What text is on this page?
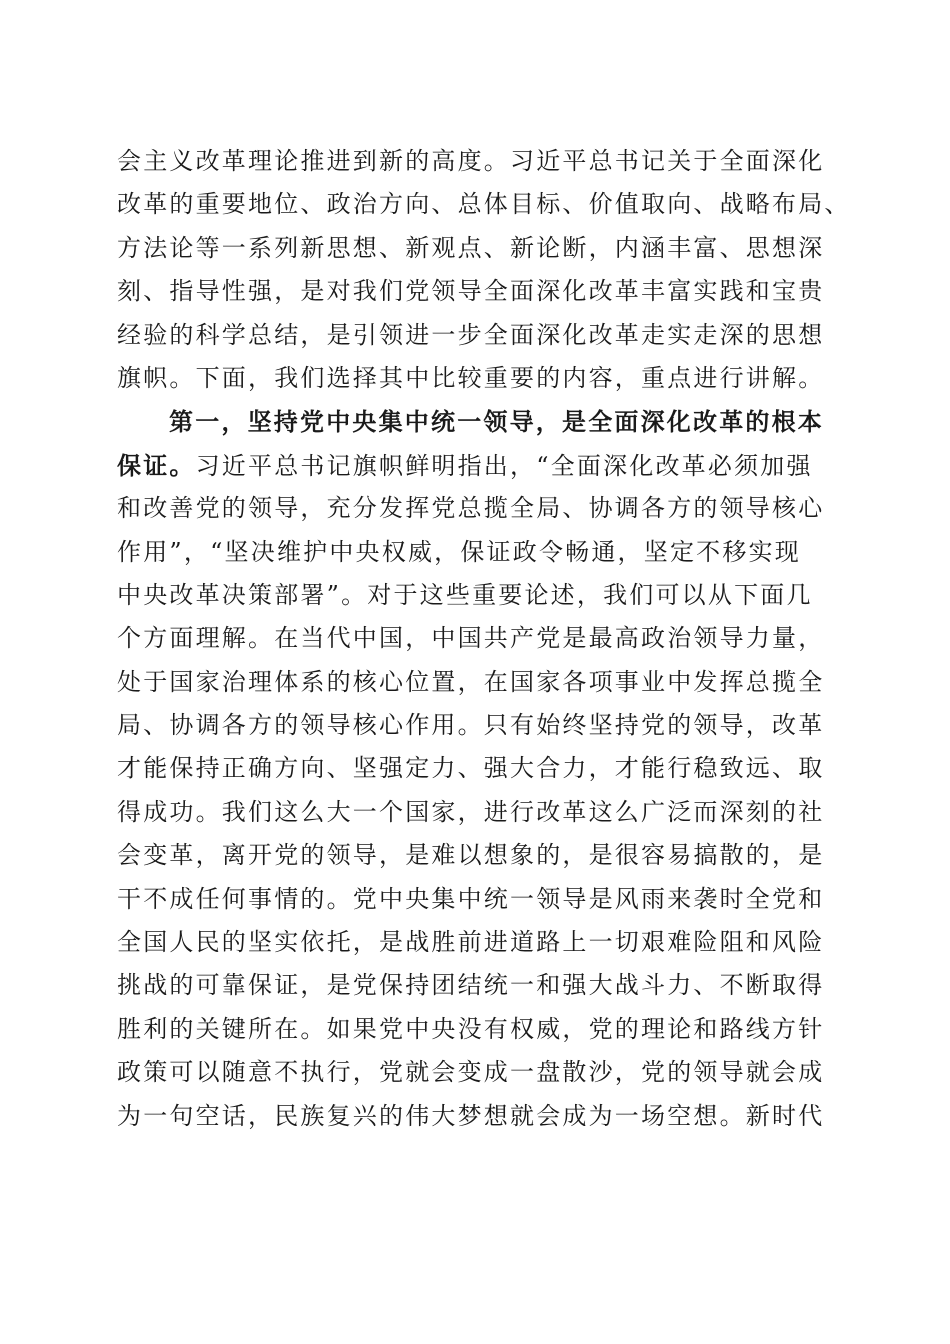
会主义改革理论推进到新的高度。习近平总书记关于全面深化
改革的重要地位、政治方向、总体目标、价值取向、战略布局、
方法论等一系列新思想、新观点、新论断，内涵丰富、思想深
刻、指导性强，是对我们党领导全面深化改革丰富实践和宝贵
经验的科学总结，是引领进一步全面深化改革走实走深的思想
旗帜。下面，我们选择其中比较重要的内容，重点进行讲解。
第一，坚持党中央集中统一领导，是全面深化改革的根本
保证。习近平总书记旗帜鲜明指出，“全面深化改革必须加强
和改善党的领导，充分发挥党总揽全局、协调各方的领导核心
作用”，“坚决维护中央权威，保证政令畅通，坚定不移实现
中央改革决策部署”。对于这些重要论述，我们可以从下面几
个方面理解。在当代中国，中国共产党是最高政治领导力量，
处于国家治理体系的核心位置，在国家各项事业中发挥总揽全
局、协调各方的领导核心作用。只有始终坚持党的领导，改革
才能保持正确方向、坚强定力、强大合力，才能行稳致远、取
得成功。我们这么大一个国家，进行改革这么广泛而深刻的社
会变革，离开党的领导，是难以想象的，是很容易搞散的，是
干不成任何事情的。党中央集中统一领导是风雨来袭时全党和
全国人民的坚实依托，是战胜前进道路上一切艰难险阻和风险
挑战的可靠保证，是党保持团结统一和强大战斗力、不断取得
胜利的关键所在。如果党中央没有权威，党的理论和路线方针
政策可以随意不执行，党就会变成一盘散沙，党的领导就会成
为一句空话，民族复兴的伟大梦想就会成为一场空想。新时代
